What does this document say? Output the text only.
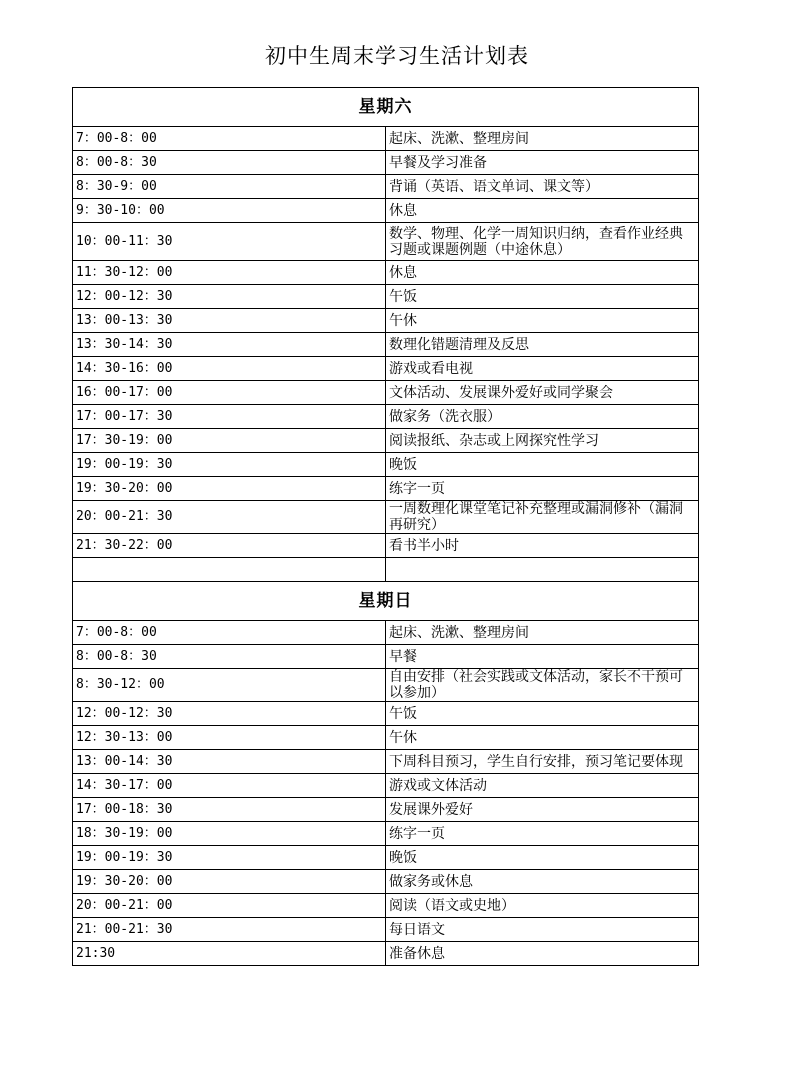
初中生周末学习生活计划表
星期六	
7：00-8：00	起床、洗漱、整理房间
8：00-8：30	早餐及学习准备
8：30-9：00	背诵（英语、语文单词、课文等）
9：30-10：00	休息
10：00-11：30	数学、物理、化学一周知识归纳，查看作业经典习题或课题例题（中途休息）
11：30-12：00	休息
12：00-12：30	午饭
13：00-13：30	午休
13：30-14：30	数理化错题清理及反思
14：30-16：00	游戏或看电视
16：00-17：00	文体活动、发展课外爱好或同学聚会
17：00-17：30	做家务（洗衣服）
17：30-19：00	阅读报纸、杂志或上网探究性学习
19：00-19：30	晚饭
19：30-20：00	练字一页
20：00-21：30	一周数理化课堂笔记补充整理或漏洞修补（漏洞再研究）
21：30-22：00	看书半小时

星期日	
7：00-8：00	起床、洗漱、整理房间
8：00-8：30	早餐
8：30-12：00	自由安排（社会实践或文体活动，家长不干预可以参加）
12：00-12：30	午饭
12：30-13：00	午休
13：00-14：30	下周科目预习，学生自行安排，预习笔记要体现
14：30-17：00	游戏或文体活动
17：00-18：30	发展课外爱好
18：30-19：00	练字一页
19：00-19：30	晚饭
19：30-20：00	做家务或休息
20：00-21：00	阅读（语文或史地）
21：00-21：30	每日语文
21:30	准备休息
